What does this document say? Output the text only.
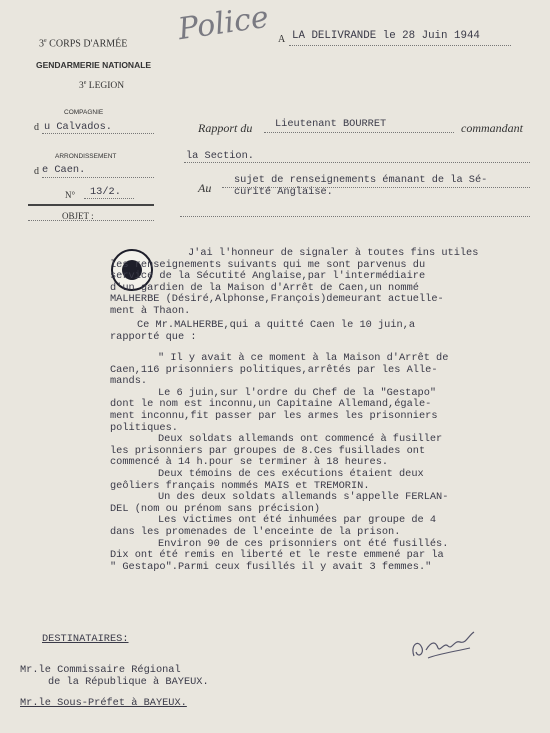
Police
3e CORPS D'ARMÉE
GENDARMERIE NATIONALE
3e LEGION
A LA DELIVRANDE le 28 Juin 1944
COMPAGNIE
d u Calvados.
ARRONDISSEMENT
d e Caen.
N° 13/2.
OBJET :
Rapport du Lieutenant BOURRET	commandant
la Section.
Au
sujet de renseignements émanant de la Sé-
curité Anglaise.
J'ai l'honneur de signaler à toutes fins utiles
les renseignements suivants qui me sont parvenus du
service de la Sécutité Anglaise,par l'intermédiaire
d'un gardien de la Maison d'Arrêt de Caen,un nommé
MALHERBE (Désiré,Alphonse,François)demeurant actuelle-
ment à Thaon.
Ce Mr.MALHERBE,qui a quitté Caen le 10 juin,a
rapporté que :
" Il y avait à ce moment à la Maison d'Arrêt de
Caen,116 prisonniers politiques,arrêtés par les Alle-
mands.
Le 6 juin,sur l'ordre du Chef de la "Gestapo"
dont le nom est inconnu,un Capitaine Allemand,égale-
ment inconnu,fit passer par les armes les prisonniers
politiques.
Deux soldats allemands ont commencé à fusiller
les prisonniers par groupes de 8.Ces fusillades ont
commencé à 14 h.pour se terminer à 18 heures.
Deux témoins de ces exécutions étaient deux
geôliers français nommés MAIS et TREMORIN.
Un des deux soldats allemands s'appelle FERLAN-
DEL (nom ou prénom sans précision)
Les victimes ont été inhumées par groupe de 4
dans les promenades de l'enceinte de la prison.
Environ 90 de ces prisonniers ont été fusillés.
Dix ont été remis en liberté et le reste emmené par la
" Gestapo".Parmi ceux fusillés il y avait 3 femmes."
DESTINATAIRES:
Mr.le Commissaire Régional
de la République à BAYEUX.
Mr.le Sous-Préfet à BAYEUX.
